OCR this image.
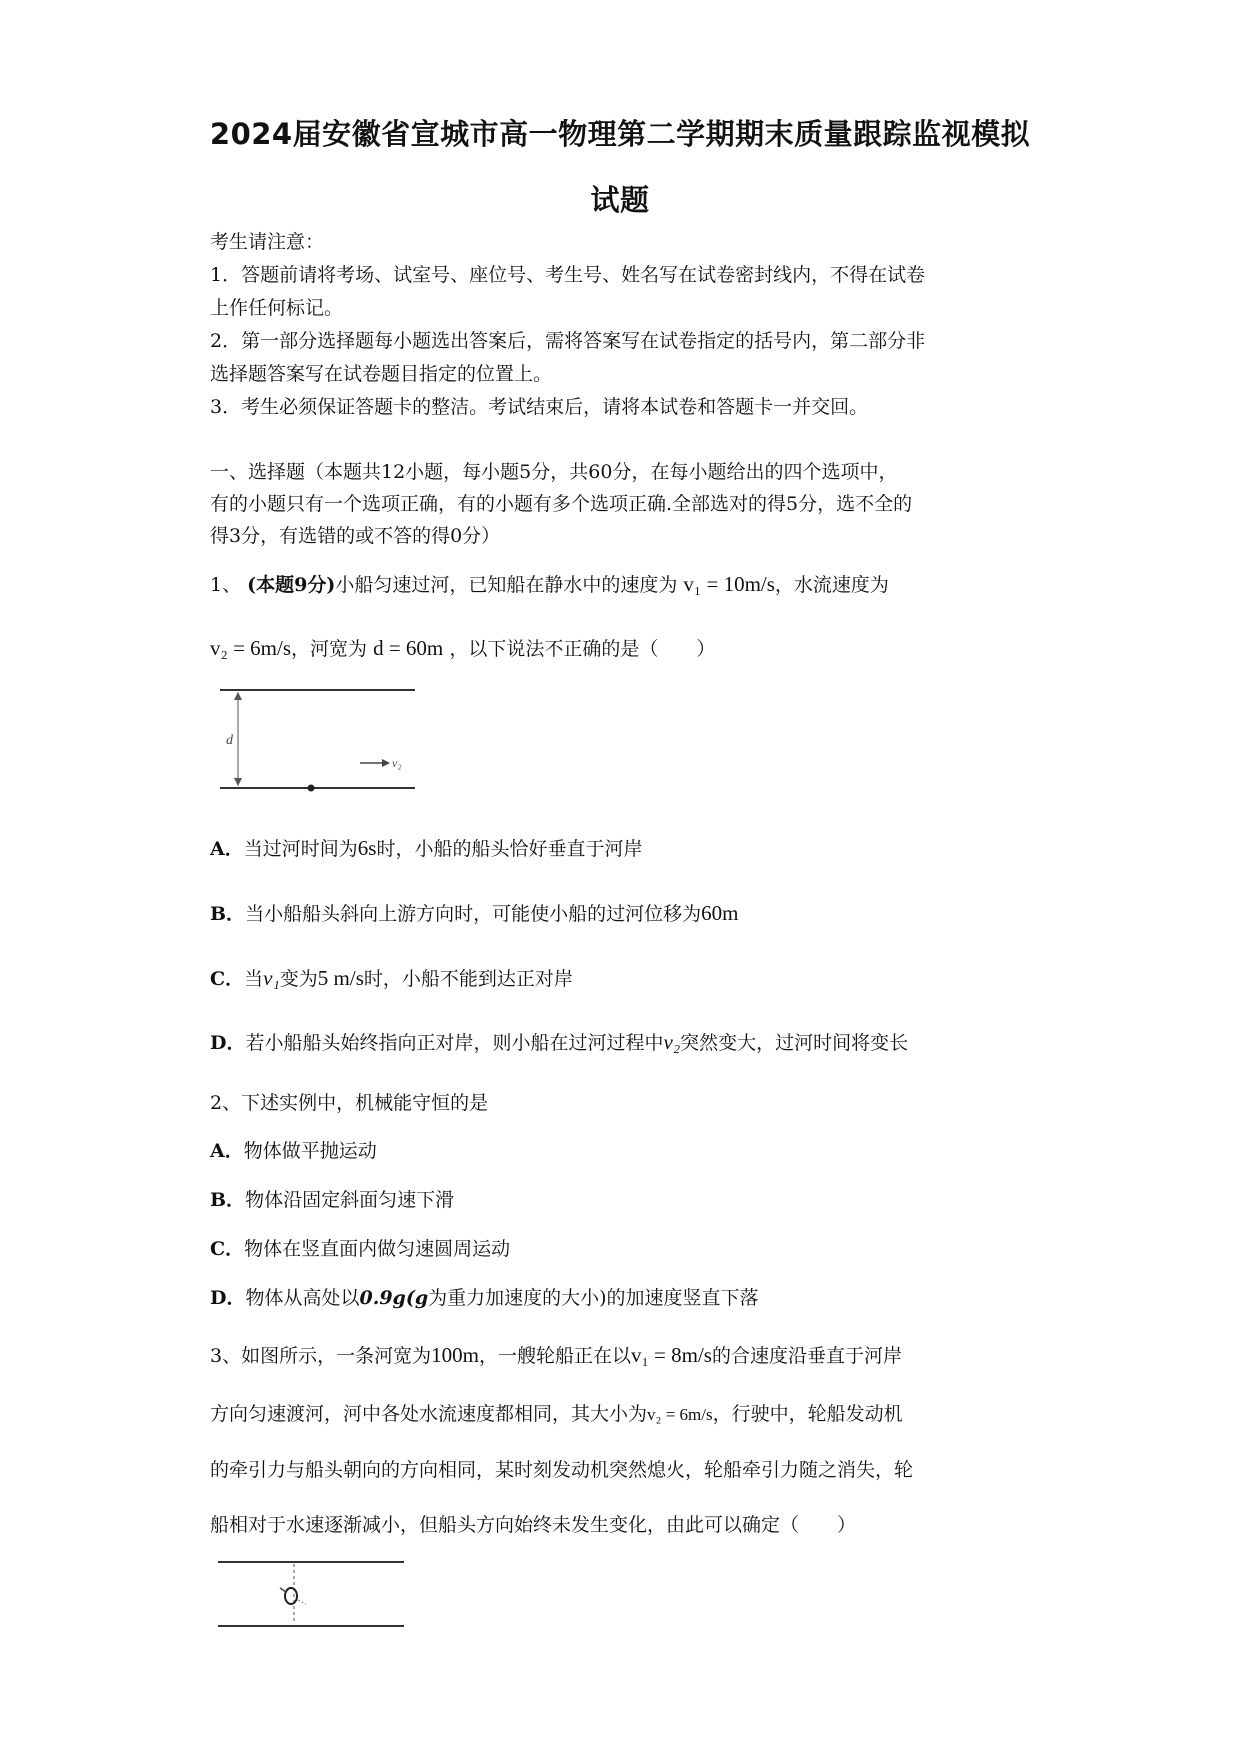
2024届安徽省宣城市高一物理第二学期期末质量跟踪监视模拟
试题
考生请注意：
1．答题前请将考场、试室号、座位号、考生号、姓名写在试卷密封线内，不得在试卷
上作任何标记。
2．第一部分选择题每小题选出答案后，需将答案写在试卷指定的括号内，第二部分非
选择题答案写在试卷题目指定的位置上。
3．考生必须保证答题卡的整洁。考试结束后，请将本试卷和答题卡一并交回。
一、选择题（本题共12小题，每小题5分，共60分，在每小题给出的四个选项中，
有的小题只有一个选项正确，有的小题有多个选项正确.全部选对的得5分，选不全的
得3分，有选错的或不答的得0分）
1、 (本题9分)小船匀速过河，已知船在静水中的速度为 v₁ = 10m/s，水流速度为
v₂ = 6m/s，河宽为 d = 60m ，以下说法不正确的是（　　）
d
v₂
A．当过河时间为6s时，小船的船头恰好垂直于河岸
B．当小船船头斜向上游方向时，可能使小船的过河位移为60m
C．当v₁变为5 m/s时，小船不能到达正对岸
D．若小船船头始终指向正对岸，则小船在过河过程中v₂突然变大，过河时间将变长
2、下述实例中，机械能守恒的是
A．物体做平抛运动
B．物体沿固定斜面匀速下滑
C．物体在竖直面内做匀速圆周运动
D．物体从高处以0.9g(g为重力加速度的大小)的加速度竖直下落
3、如图所示，一条河宽为100m，一艘轮船正在以v₁ = 8m/s的合速度沿垂直于河岸
方向匀速渡河，河中各处水流速度都相同，其大小为v₂ = 6m/s，行驶中，轮船发动机
的牵引力与船头朝向的方向相同，某时刻发动机突然熄火，轮船牵引力随之消失，轮
船相对于水速逐渐减小，但船头方向始终未发生变化，由此可以确定（　　）
